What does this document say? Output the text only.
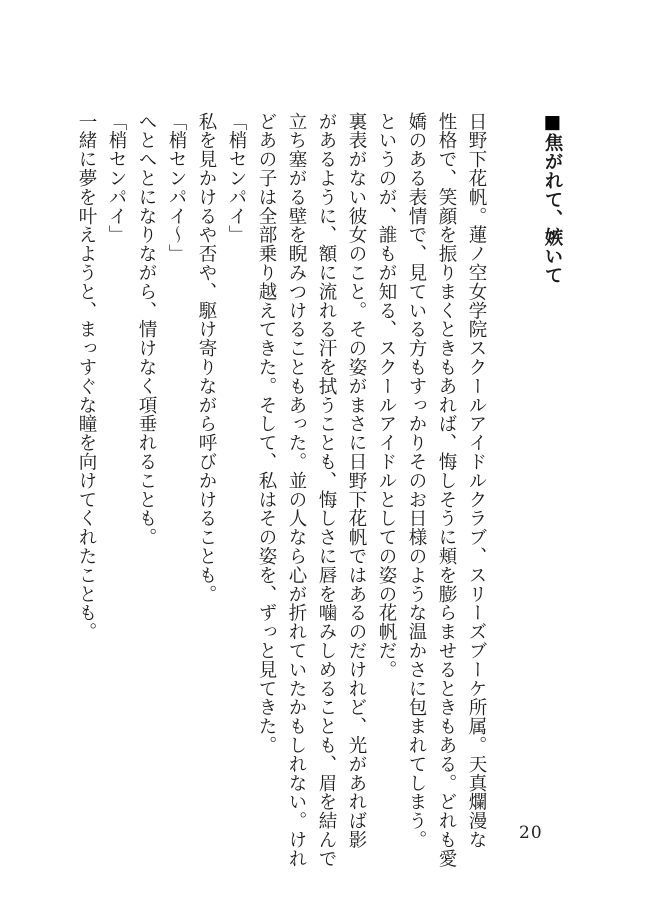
■焦がれて、嫉いて
日野下花帆。蓮ノ空女学院スクールアイドルクラブ、スリーズブーケ所属。天真爛漫な
性格で、笑顔を振りまくときもあれば、悔しそうに頬を膨らませるときもある。どれも愛
嬌のある表情で、見ている方もすっかりそのお日様のような温かさに包まれてしまう。
というのが、誰もが知る、スクールアイドルとしての姿の花帆だ。
裏表がない彼女のこと。その姿がまさに日野下花帆ではあるのだけれど、光があれば影
があるように、額に流れる汗を拭うことも、悔しさに唇を噛みしめることも、眉を結んで
立ち塞がる壁を睨みつけることもあった。並の人なら心が折れていたかもしれない。けれ
どあの子は全部乗り越えてきた。そして、私はその姿を、ずっと見てきた。
「梢センパイ」
私を見かけるや否や、駆け寄りながら呼びかけることも。
「梢センパイ～」
へとへとになりながら、情けなく項垂れることも。
「梢センパイ」
一緒に夢を叶えようと、まっすぐな瞳を向けてくれたことも。
20
